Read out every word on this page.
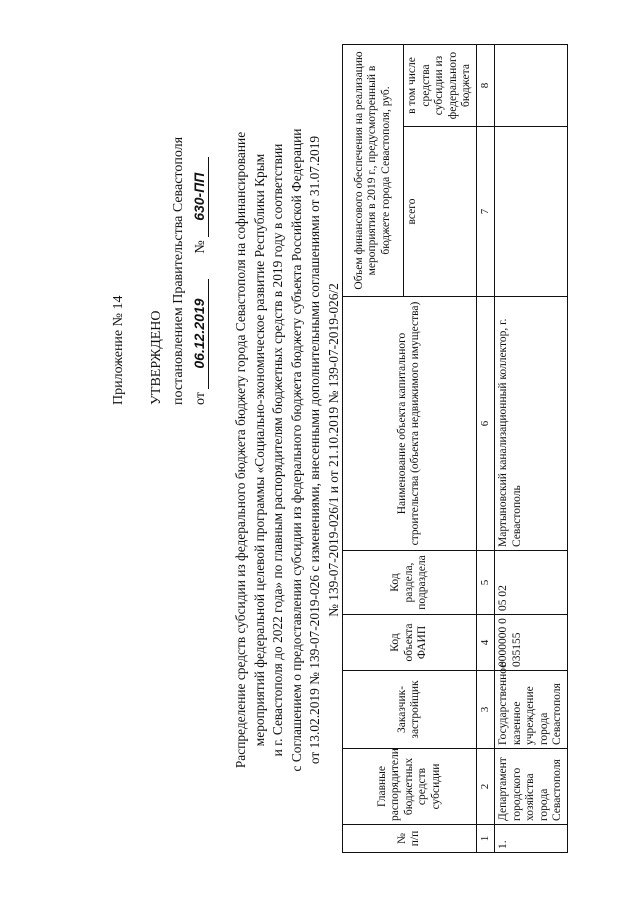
Приложение № 14 УТВЕРЖДЕНО постановлением Правительства Севастополя от 06.12.2019  № 630-ПП	Распределение средств субсидии из федерального бюджета бюджету города Севастополя на софинансирование мероприятий федеральной целевой программы «Социально-экономическое развитие Республики Крым и г. Севастополя до 2022 года» по главным распорядителям бюджетных средств в 2019 году в соответствии с Соглашением о предоставлении субсидии из федерального бюджета бюджету субъекта Российской Федерации от 13.02.2019 № 139-07-2019-026 с изменениями, внесенными дополнительными соглашениями от 31.07.2019 № 139-07-2019-026/1 и от 21.10.2019 № 139-07-2019-026/2
№ п/п	Главные распорядители бюджетных средств субсидии	Заказчик-застройщик	Код объекта ФАИП	Код раздела, подраздела	Наименование объекта капитального строительства (объекта недвижимого имущества)	Объем финансового обеспечения на реализацию мероприятия в 2019 г., предусмотренный в бюджете города Севастополя, руб.	
						всего	в том числе средства субсидии из федерального бюджета
1	2	3	4	5	6	7	8
1.	Департамент городского хозяйства города Севастополя	Государственное казенное учреждение города Севастополя	0000000 0035155	05 02	Мартыновский канализационный коллектор, г. Севастополь		
